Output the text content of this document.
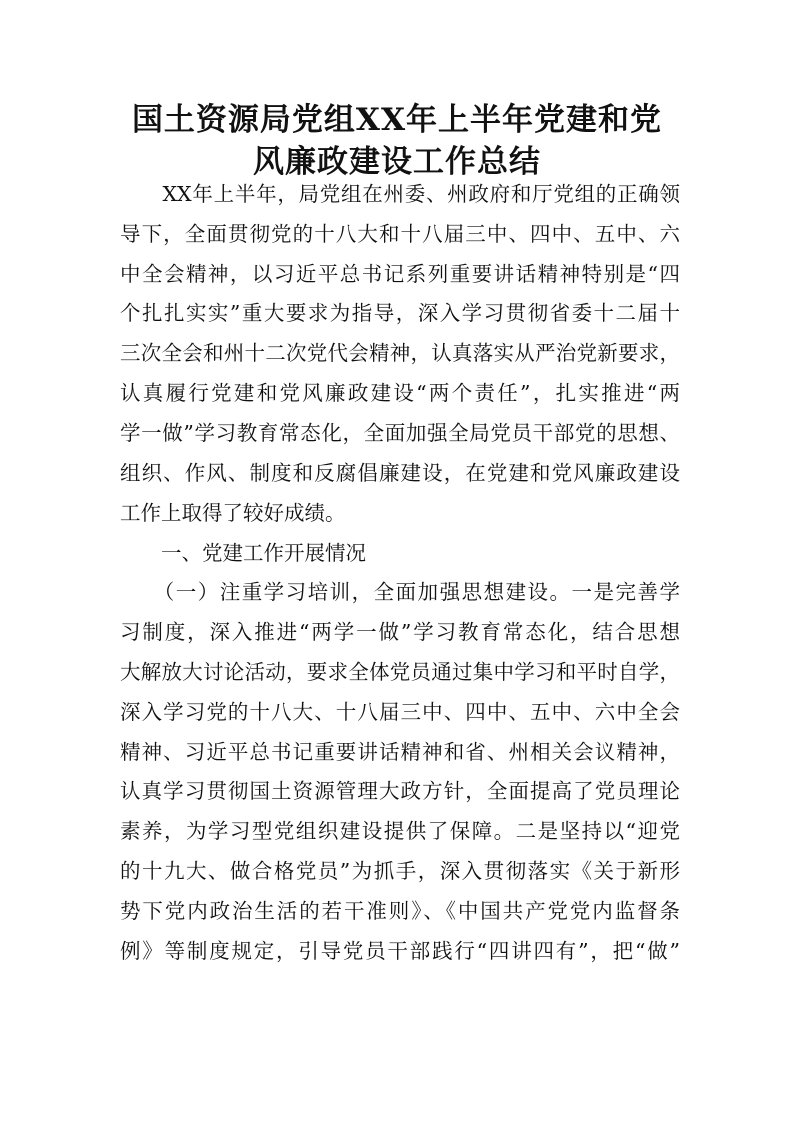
国土资源局党组XX年上半年党建和党
风廉政建设工作总结
　　XX年上半年，局党组在州委、州政府和厅党组的正确领
导下，全面贯彻党的十八大和十八届三中、四中、五中、六
中全会精神，以习近平总书记系列重要讲话精神特别是“四
个扎扎实实”重大要求为指导，深入学习贯彻省委十二届十
三次全会和州十二次党代会精神，认真落实从严治党新要求，
认真履行党建和党风廉政建设“两个责任”，扎实推进“两
学一做”学习教育常态化，全面加强全局党员干部党的思想、
组织、作风、制度和反腐倡廉建设，在党建和党风廉政建设
工作上取得了较好成绩。
　　一、党建工作开展情况
　　（一）注重学习培训，全面加强思想建设。一是完善学
习制度，深入推进“两学一做”学习教育常态化，结合思想
大解放大讨论活动，要求全体党员通过集中学习和平时自学，
深入学习党的十八大、十八届三中、四中、五中、六中全会
精神、习近平总书记重要讲话精神和省、州相关会议精神，
认真学习贯彻国土资源管理大政方针，全面提高了党员理论
素养，为学习型党组织建设提供了保障。二是坚持以“迎党
的十九大、做合格党员”为抓手，深入贯彻落实《关于新形
势下党内政治生活的若干准则》、《中国共产党党内监督条
例》等制度规定，引导党员干部践行“四讲四有”，把“做”
